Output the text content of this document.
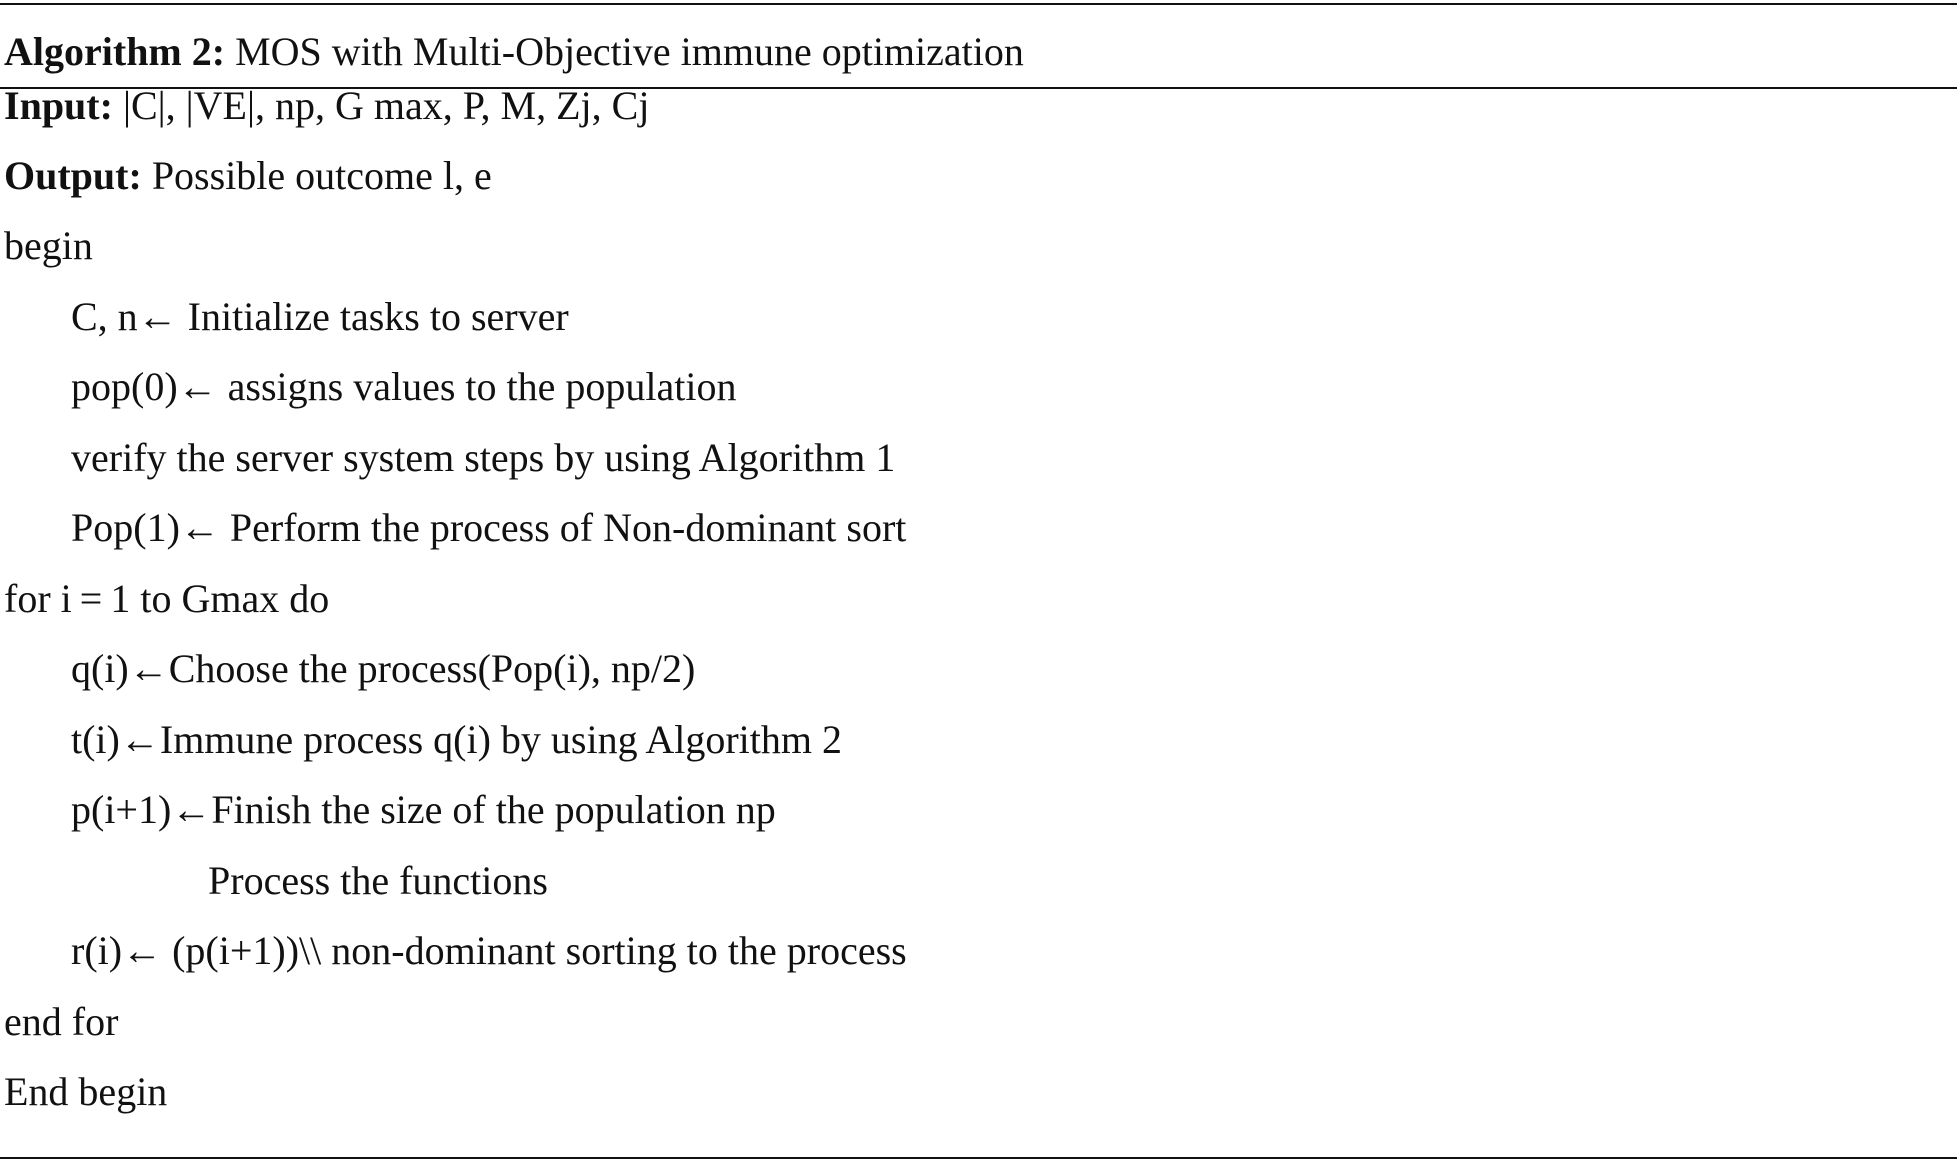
Algorithm 2: MOS with Multi-Objective immune optimization
Input: |C|, |VE|, np, G max, P, M, Zj, Cj
Output: Possible outcome l, e
begin
C, n← Initialize tasks to server
pop(0)← assigns values to the population
verify the server system steps by using Algorithm 1
Pop(1)← Perform the process of Non-dominant sort
for i = 1 to Gmax do
q(i)←Choose the process(Pop(i), np/2)
t(i)←Immune process q(i) by using Algorithm 2
p(i+1)←Finish the size of the population np
Process the functions
r(i)← (p(i+1))\\ non-dominant sorting to the process
end for
End begin
